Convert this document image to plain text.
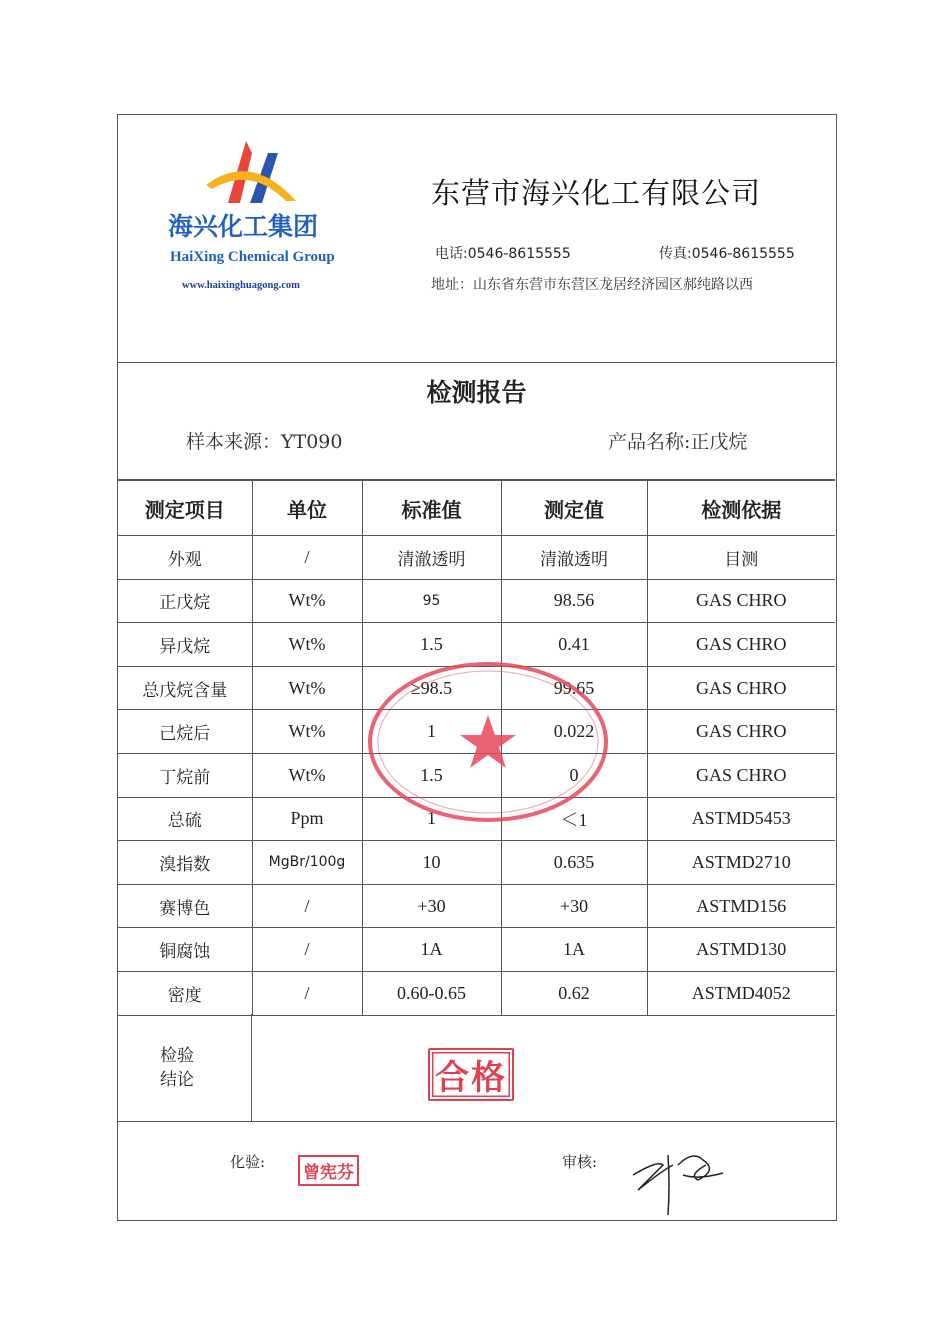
海兴化工集团
HaiXing Chemical Group
www.haixinghuagong.com
东营市海兴化工有限公司
电话:0546-8615555	传真:0546-8615555
地址：山东省东营市东营区龙居经济园区郝纯路以西
检测报告
样本来源：YT090	产品名称:正戊烷
测定项目	单位	标准值	测定值	检测依据
外观	/	清澈透明	清澈透明	目测
正戊烷	Wt%	95	98.56	GAS CHRO
异戊烷	Wt%	1.5	0.41	GAS CHRO
总戊烷含量	Wt%	≥98.5	99.65	GAS CHRO
己烷后	Wt%	1	0.022	GAS CHRO
丁烷前	Wt%	1.5	0	GAS CHRO
总硫	Ppm	1	＜1	ASTMD5453
溴指数	MgBr/100g	10	0.635	ASTMD2710
赛博色	/	+30	+30	ASTMD156
铜腐蚀	/	1A	1A	ASTMD130
密度	/	0.60-0.65	0.62	ASTMD4052
检验
结论	合格
化验:
曾宪芬
审核:
